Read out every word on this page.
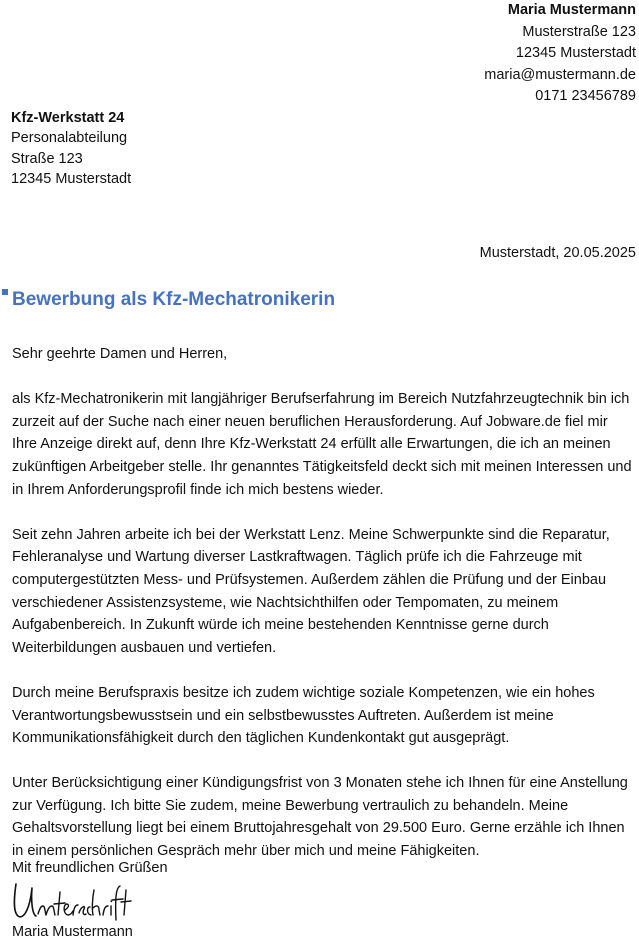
Maria Mustermann
Musterstraße 123
12345 Musterstadt
maria@mustermann.de
0171 23456789
Kfz-Werkstatt 24
Personalabteilung
Straße 123
12345 Musterstadt
Musterstadt, 20.05.2025
Bewerbung als Kfz-Mechatronikerin

Sehr geehrte Damen und Herren,

als Kfz-Mechatronikerin mit langjähriger Berufserfahrung im Bereich Nutzfahrzeugtechnik bin ich zurzeit auf der Suche nach einer neuen beruflichen Herausforderung. Auf Jobware.de fiel mir Ihre Anzeige direkt auf, denn Ihre Kfz-Werkstatt 24 erfüllt alle Erwartungen, die ich an meinen zukünftigen Arbeitgeber stelle. Ihr genanntes Tätigkeitsfeld deckt sich mit meinen Interessen und in Ihrem Anforderungsprofil finde ich mich bestens wieder.

Seit zehn Jahren arbeite ich bei der Werkstatt Lenz. Meine Schwerpunkte sind die Reparatur, Fehleranalyse und Wartung diverser Lastkraftwagen. Täglich prüfe ich die Fahrzeuge mit computergestützten Mess- und Prüfsystemen. Außerdem zählen die Prüfung und der Einbau verschiedener Assistenzsysteme, wie Nachtsichthilfen oder Tempomaten, zu meinem Aufgabenbereich. In Zukunft würde ich meine bestehenden Kenntnisse gerne durch Weiterbildungen ausbauen und vertiefen.

Durch meine Berufspraxis besitze ich zudem wichtige soziale Kompetenzen, wie ein hohes Verantwortungsbewusstsein und ein selbstbewusstes Auftreten. Außerdem ist meine Kommunikationsfähigkeit durch den täglichen Kundenkontakt gut ausgeprägt.

Unter Berücksichtigung einer Kündigungsfrist von 3 Monaten stehe ich Ihnen für eine Anstellung zur Verfügung. Ich bitte Sie zudem, meine Bewerbung vertraulich zu behandeln. Meine Gehaltsvorstellung liegt bei einem Bruttojahresgehalt von 29.500 Euro. Gerne erzähle ich Ihnen in einem persönlichen Gespräch mehr über mich und meine Fähigkeiten.

Mit freundlichen Grüßen
Maria Mustermann
